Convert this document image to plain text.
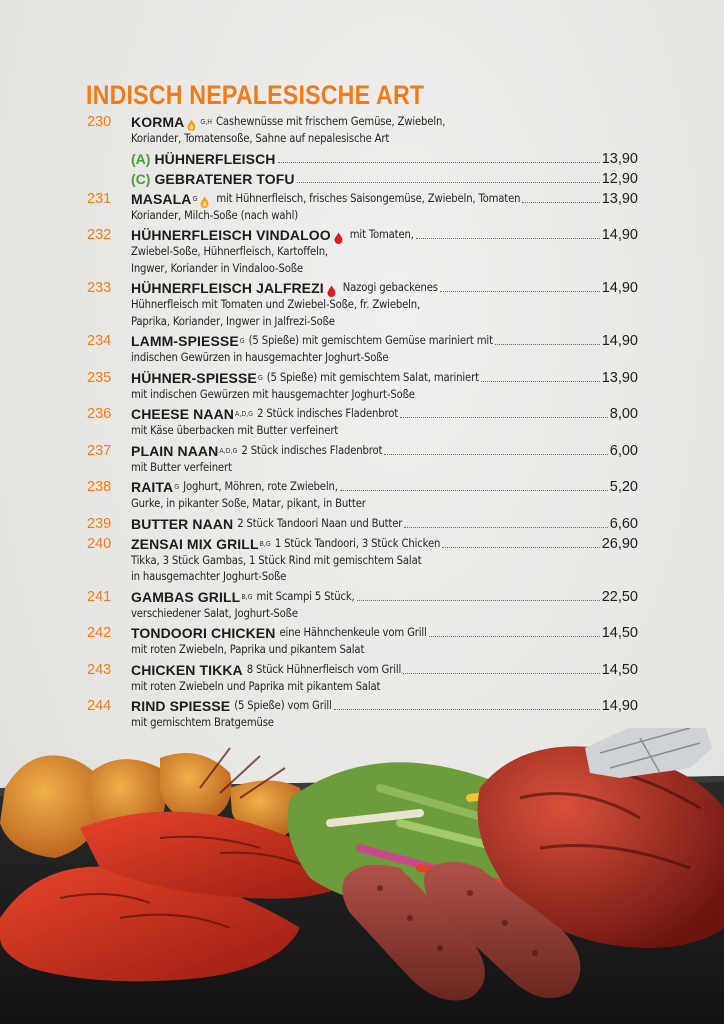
INDISCH NEPALESISCHE ART
230	KORMA G,H Cashewnüsse mit frischem Gemüse, Zwiebeln,
Koriander, Tomatensoße, Sahne auf nepalesische Art
(A) HÜHNERFLEISCH	13,90
(C) GEBRATENER TOFU	12,90
231	MASALA G mit Hühnerfleisch, frisches Saisongemüse, Zwiebeln, Tomaten	13,90
Koriander, Milch-Soße (nach wahl)
232	HÜHNERFLEISCH VINDALOO mit Tomaten,	14,90
Zwiebel-Soße, Hühnerfleisch, Kartoffeln,
Ingwer, Koriander in Vindaloo-Soße
233	HÜHNERFLEISCH JALFREZI Nazogi gebackenes	14,90
Hühnerfleisch mit Tomaten und Zwiebel-Soße, fr. Zwiebeln,
Paprika, Koriander, Ingwer in Jalfrezi-Soße
234	LAMM-SPIESSE G (5 Spieße) mit gemischtem Gemüse mariniert mit	14,90
indischen Gewürzen in hausgemachter Joghurt-Soße
235	HÜHNER-SPIESSE G (5 Spieße) mit gemischtem Salat, mariniert	13,90
mit indischen Gewürzen mit hausgemachter Joghurt-Soße
236	CHEESE NAAN A,D,G 2 Stück indisches Fladenbrot	8,00
mit Käse überbacken mit Butter verfeinert
237	PLAIN NAAN A,D,G 2 Stück indisches Fladenbrot	6,00
mit Butter verfeinert
238	RAITA G Joghurt, Möhren, rote Zwiebeln,	5,20
Gurke, in pikanter Soße, Matar, pikant, in Butter
239	BUTTER NAAN 2 Stück Tandoori Naan und Butter	6,60
240	ZENSAI MIX GRILL B,G 1 Stück Tandoori, 3 Stück Chicken	26,90
Tikka, 3 Stück Gambas, 1 Stück Rind mit gemischtem Salat
in hausgemachter Joghurt-Soße
241	GAMBAS GRILL B,G mit Scampi 5 Stück,	22,50
verschiedener Salat, Joghurt-Soße
242	TONDOORI CHICKEN eine Hähnchenkeule vom Grill	14,50
mit roten Zwiebeln, Paprika und pikantem Salat
243	CHICKEN TIKKA 8 Stück Hühnerfleisch vom Grill	14,50
mit roten Zwiebeln und Paprika mit pikantem Salat
244	RIND SPIESSE (5 Spieße) vom Grill	14,90
mit gemischtem Bratgemüse
